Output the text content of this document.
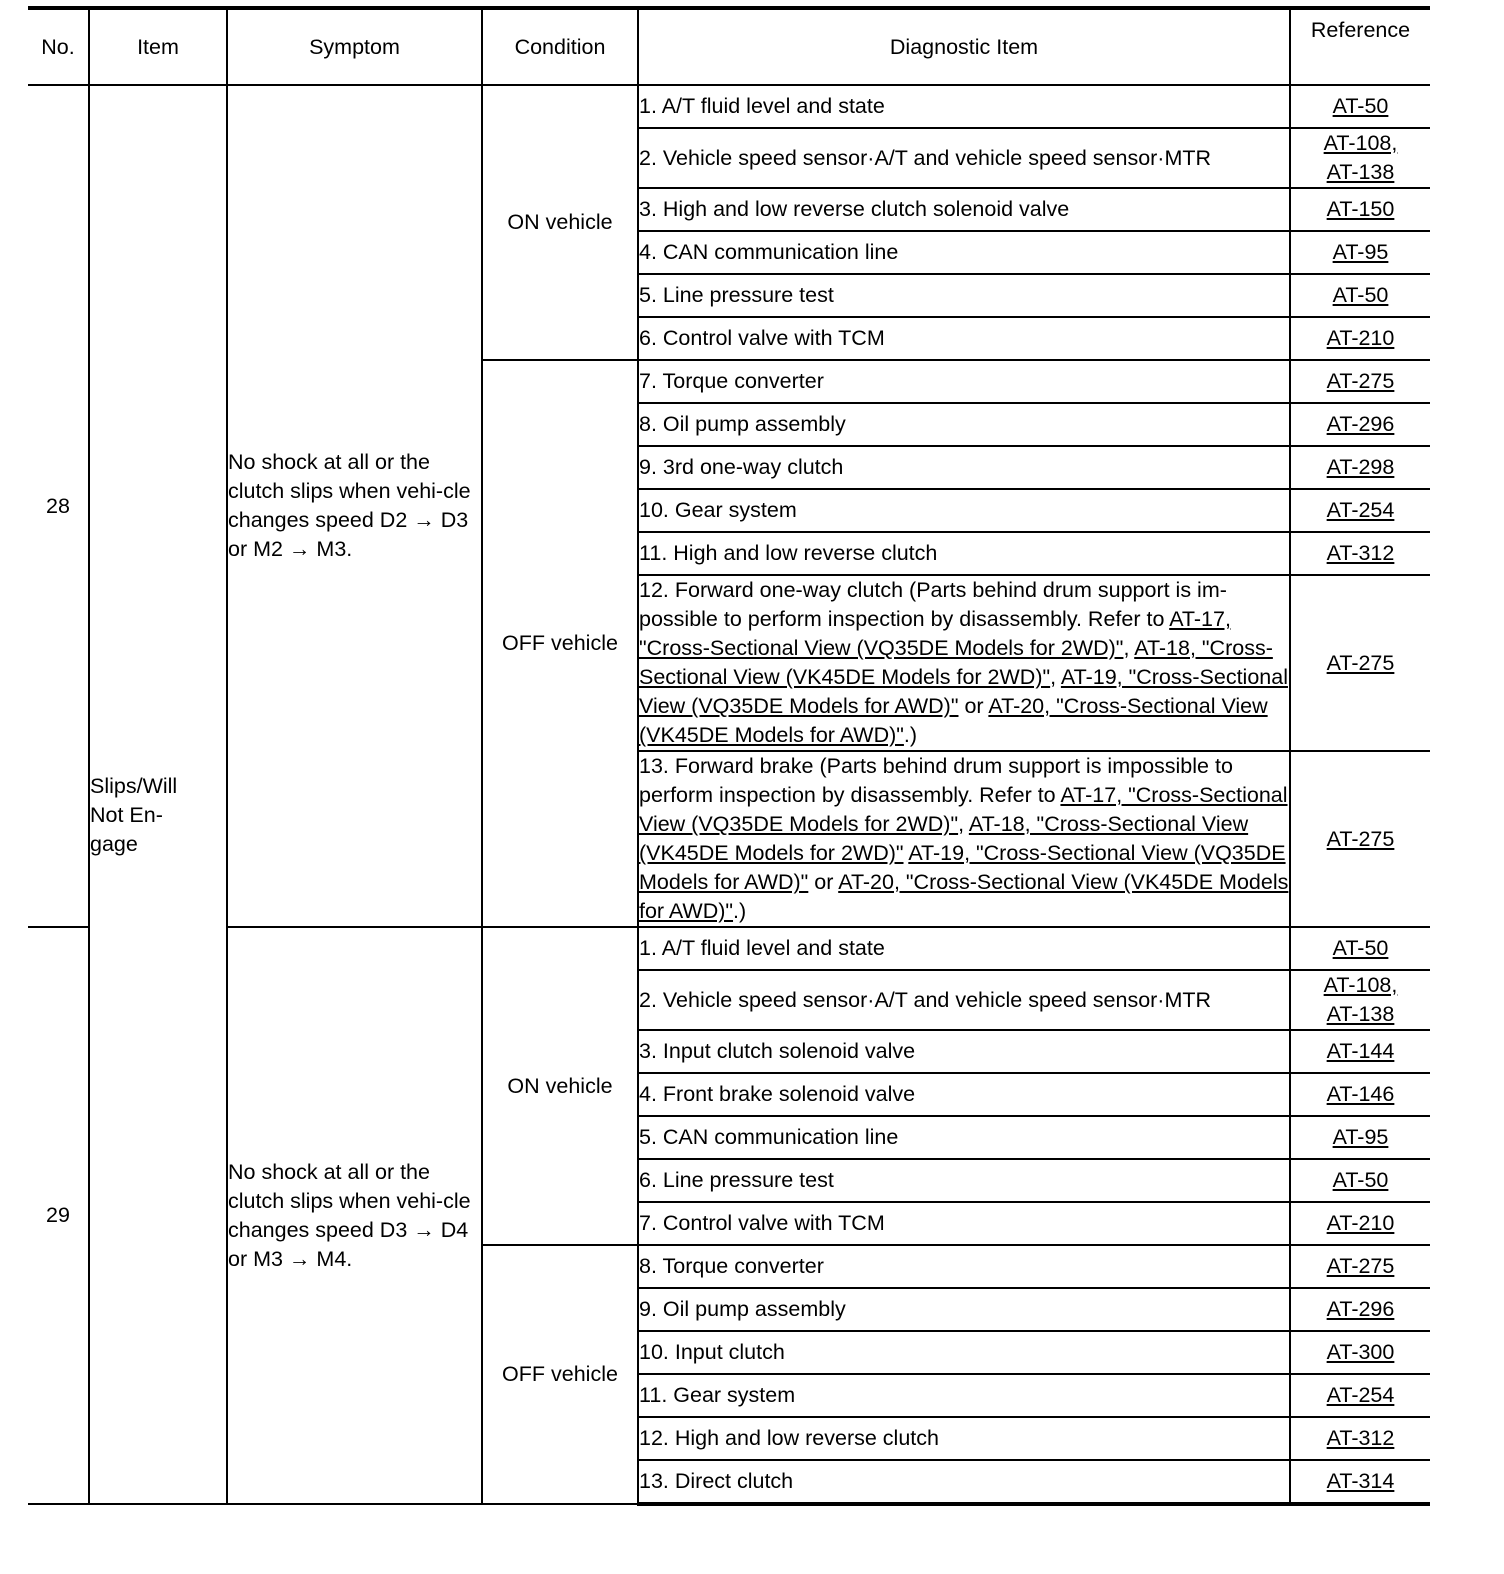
No.	Item	Symptom	Condition	Diagnostic Item	Reference
28	Slips/Will Not En-gage	No shock at all or the clutch slips when vehi-cle changes speed D2 → D3 or M2 → M3.	ON vehicle	1. A/T fluid level and state	AT-50
				2. Vehicle speed sensor·A/T and vehicle speed sensor·MTR	AT-108,
AT-138
				3. High and low reverse clutch solenoid valve	AT-150
				4. CAN communication line	AT-95
				5. Line pressure test	AT-50
				6. Control valve with TCM	AT-210
			OFF vehicle	7. Torque converter	AT-275
				8. Oil pump assembly	AT-296
				9. 3rd one-way clutch	AT-298
				10. Gear system	AT-254
				11. High and low reverse clutch	AT-312
				12. Forward one-way clutch (Parts behind drum support is im-possible to perform inspection by disassembly. Refer to AT-17, "Cross-Sectional View (VQ35DE Models for 2WD)", AT-18, "Cross-Sectional View (VK45DE Models for 2WD)", AT-19, "Cross-Sectional View (VQ35DE Models for AWD)" or AT-20, "Cross-Sectional View (VK45DE Models for AWD)".)	AT-275
				13. Forward brake (Parts behind drum support is impossible to perform inspection by disassembly. Refer to AT-17, "Cross-Sectional View (VQ35DE Models for 2WD)", AT-18, "Cross-Sectional View (VK45DE Models for 2WD)" AT-19, "Cross-Sectional View (VQ35DE Models for AWD)" or AT-20, "Cross-Sectional View (VK45DE Models for AWD)".)	AT-275
29		No shock at all or the clutch slips when vehi-cle changes speed D3 → D4 or M3 → M4.	ON vehicle	1. A/T fluid level and state	AT-50
				2. Vehicle speed sensor·A/T and vehicle speed sensor·MTR	AT-108,
AT-138
				3. Input clutch solenoid valve	AT-144
				4. Front brake solenoid valve	AT-146
				5. CAN communication line	AT-95
				6. Line pressure test	AT-50
				7. Control valve with TCM	AT-210
			OFF vehicle	8. Torque converter	AT-275
				9. Oil pump assembly	AT-296
				10. Input clutch	AT-300
				11. Gear system	AT-254
				12. High and low reverse clutch	AT-312
				13. Direct clutch	AT-314
